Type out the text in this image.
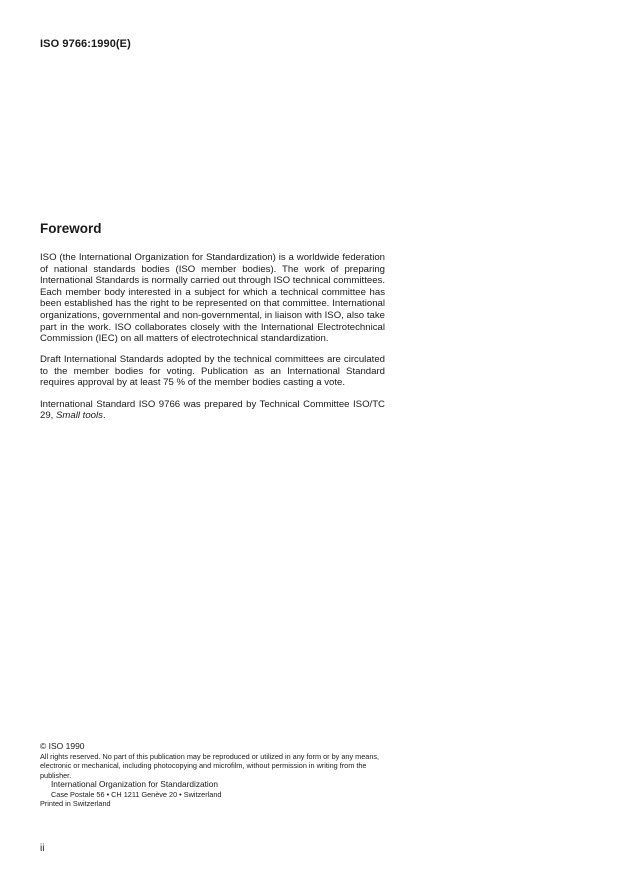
ISO 9766:1990(E)
Foreword

ISO (the International Organization for Standardization) is a worldwide federation of national standards bodies (ISO member bodies). The work of preparing International Standards is normally carried out through ISO technical committees. Each member body interested in a subject for which a technical committee has been established has the right to be represented on that committee. International organizations, governmental and non-governmental, in liaison with ISO, also take part in the work. ISO collaborates closely with the International Electrotechnical Commission (IEC) on all matters of electrotechnical standardization.

Draft International Standards adopted by the technical committees are circulated to the member bodies for voting. Publication as an International Standard requires approval by at least 75 % of the member bodies casting a vote.

International Standard ISO 9766 was prepared by Technical Committee ISO/TC 29, Small tools.

© ISO 1990
All rights reserved. No part of this publication may be reproduced or utilized in any form or by any means, electronic or mechanical, including photocopying and microfilm, without permission in writing from the publisher.
International Organization for Standardization
Case Postale 56 • CH 1211 Genève 20 • Switzerland
Printed in Switzerland
ii
